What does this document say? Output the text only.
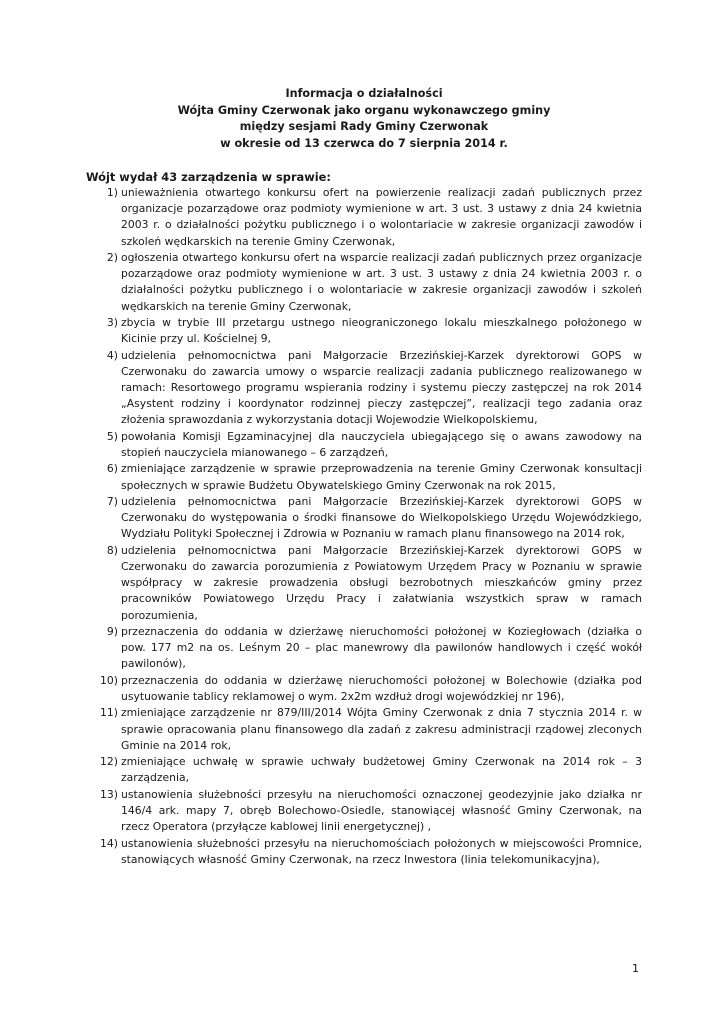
Informacja o działalności
Wójta Gminy Czerwonak jako organu wykonawczego gminy
między sesjami Rady Gminy Czerwonak
w okresie od 13 czerwca do 7 sierpnia 2014 r.
Wójt wydał 43 zarządzenia w sprawie:
1) unieważnienia otwartego konkursu ofert na powierzenie realizacji zadań publicznych przez organizacje pozarządowe oraz podmioty wymienione w art. 3 ust. 3 ustawy z dnia 24 kwietnia 2003 r. o działalności pożytku publicznego i o wolontariacie w zakresie organizacji zawodów i szkoleń wędkarskich na terenie Gminy Czerwonak,
2) ogłoszenia otwartego konkursu ofert na wsparcie realizacji zadań publicznych przez organizacje pozarządowe oraz podmioty wymienione w art. 3 ust. 3 ustawy z dnia 24 kwietnia 2003 r. o działalności pożytku publicznego i o wolontariacie w zakresie organizacji zawodów i szkoleń wędkarskich na terenie Gminy Czerwonak,
3) zbycia w trybie III przetargu ustnego nieograniczonego lokalu mieszkalnego położonego w Kicinie przy ul. Kościelnej 9,
4) udzielenia pełnomocnictwa pani Małgorzacie Brzezińskiej-Karzek dyrektorowi GOPS w Czerwonaku do zawarcia umowy o wsparcie realizacji zadania publicznego realizowanego w ramach: Resortowego programu wspierania rodziny i systemu pieczy zastępczej na rok 2014 „Asystent rodziny i koordynator rodzinnej pieczy zastępczej”, realizacji tego zadania oraz złożenia sprawozdania z wykorzystania dotacji Wojewodzie Wielkopolskiemu,
5) powołania Komisji Egzaminacyjnej dla nauczyciela ubiegającego się o awans zawodowy na stopień nauczyciela mianowanego – 6 zarządzeń,
6) zmieniające zarządzenie w sprawie przeprowadzenia na terenie Gminy Czerwonak konsultacji społecznych w sprawie Budżetu Obywatelskiego Gminy Czerwonak na rok 2015,
7) udzielenia pełnomocnictwa pani Małgorzacie Brzezińskiej-Karzek dyrektorowi GOPS w Czerwonaku do występowania o środki finansowe do Wielkopolskiego Urzędu Wojewódzkiego, Wydziału Polityki Społecznej i Zdrowia w Poznaniu w ramach planu finansowego na 2014 rok,
8) udzielenia pełnomocnictwa pani Małgorzacie Brzezińskiej-Karzek dyrektorowi GOPS w Czerwonaku do zawarcia porozumienia z Powiatowym Urzędem Pracy w Poznaniu w sprawie współpracy w zakresie prowadzenia obsługi bezrobotnych mieszkańców gminy przez pracowników Powiatowego Urzędu Pracy i załatwiania wszystkich spraw w ramach porozumienia,
9) przeznaczenia do oddania w dzierżawę nieruchomości położonej w Koziegłowach (działka o pow. 177 m2 na os. Leśnym 20 – plac manewrowy dla pawilonów handlowych i część wokół pawilonów),
10) przeznaczenia do oddania w dzierżawę nieruchomości położonej w Bolechowie (działka pod usytuowanie tablicy reklamowej o wym. 2x2m wzdłuż drogi wojewódzkiej nr 196),
11) zmieniające zarządzenie nr 879/III/2014 Wójta Gminy Czerwonak z dnia 7 stycznia 2014 r. w sprawie opracowania planu finansowego dla zadań z zakresu administracji rządowej zleconych Gminie na 2014 rok,
12) zmieniające uchwałę w sprawie uchwały budżetowej Gminy Czerwonak na 2014 rok – 3 zarządzenia,
13) ustanowienia służebności przesyłu na nieruchomości oznaczonej geodezyjnie jako działka nr 146/4 ark. mapy 7, obręb Bolechowo-Osiedle, stanowiącej własność Gminy Czerwonak, na rzecz Operatora (przyłącze kablowej linii energetycznej) ,
14) ustanowienia służebności przesyłu na nieruchomościach położonych w miejscowości Promnice, stanowiących własność Gminy Czerwonak, na rzecz Inwestora (linia telekomunikacyjna),
1
